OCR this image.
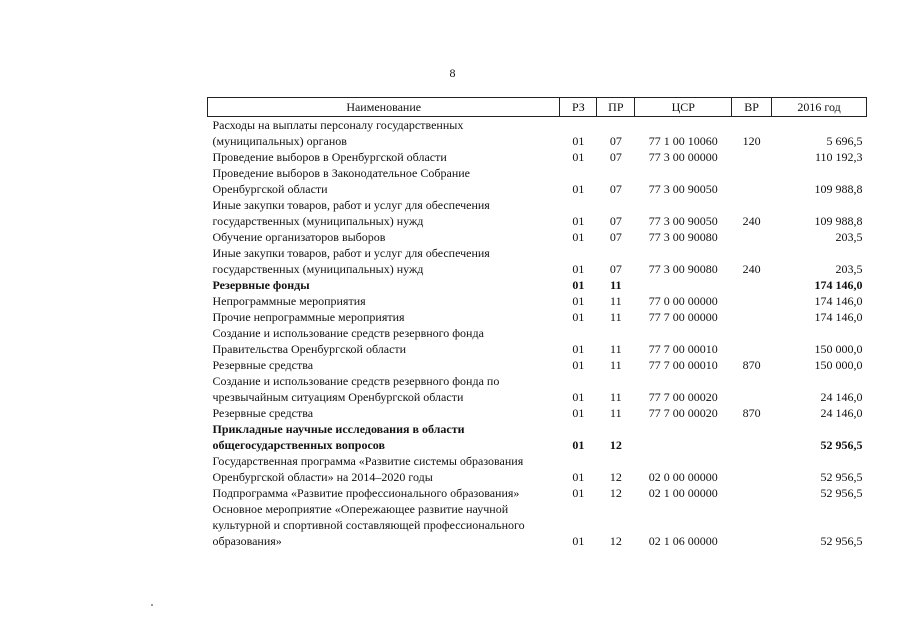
8
Наименование	РЗ	ПР	ЦСР	ВР	2016 год
Расходы на выплаты персоналу государственных					
(муниципальных) органов	01	07	77 1 00 10060	120	5 696,5
Проведение выборов в Оренбургской области	01	07	77 3 00 00000		110 192,3
Проведение выборов в Законодательное Собрание					
Оренбургской области	01	07	77 3 00 90050		109 988,8
Иные закупки товаров, работ и услуг для обеспечения					
государственных (муниципальных) нужд	01	07	77 3 00 90050	240	109 988,8
Обучение организаторов выборов	01	07	77 3 00 90080		203,5
Иные закупки товаров, работ и услуг для обеспечения					
государственных (муниципальных) нужд	01	07	77 3 00 90080	240	203,5
Резервные фонды	01	11			174 146,0
Непрограммные мероприятия	01	11	77 0 00 00000		174 146,0
Прочие непрограммные мероприятия	01	11	77 7 00 00000		174 146,0
Создание и использование средств резервного фонда					
Правительства Оренбургской области	01	11	77 7 00 00010		150 000,0
Резервные средства	01	11	77 7 00 00010	870	150 000,0
Создание и использование средств резервного фонда по					
чрезвычайным ситуациям Оренбургской области	01	11	77 7 00 00020		24 146,0
Резервные средства	01	11	77 7 00 00020	870	24 146,0
Прикладные научные исследования в области					
общегосударственных вопросов	01	12			52 956,5
Государственная программа «Развитие системы образования					
Оренбургской области» на 2014–2020 годы	01	12	02 0 00 00000		52 956,5
Подпрограмма «Развитие профессионального образования»	01	12	02 1 00 00000		52 956,5
Основное мероприятие «Опережающее развитие научной					
культурной и спортивной составляющей профессионального					
образования»	01	12	02 1 06 00000		52 956,5
